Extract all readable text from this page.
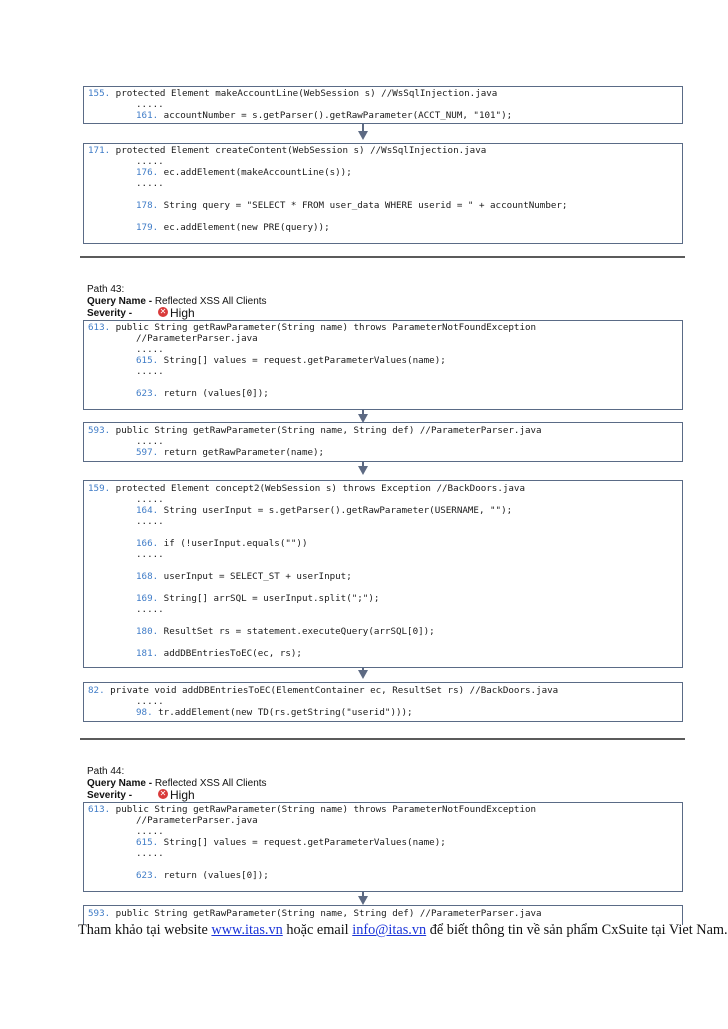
155. protected Element makeAccountLine(WebSession s) //WsSqlInjection.java
.....
161. accountNumber = s.getParser().getRawParameter(ACCT_NUM, "101");
171. protected Element createContent(WebSession s) //WsSqlInjection.java
.....
176. ec.addElement(makeAccountLine(s));
.....
178. String query = "SELECT * FROM user_data WHERE userid = " + accountNumber;
179. ec.addElement(new PRE(query));
Path 43:
Query Name - Reflected XSS All Clients
Severity -	✕ High
613. public String getRawParameter(String name) throws ParameterNotFoundException
//ParameterParser.java
.....
615. String[] values = request.getParameterValues(name);
.....
623. return (values[0]);
593. public String getRawParameter(String name, String def) //ParameterParser.java
.....
597. return getRawParameter(name);
159. protected Element concept2(WebSession s) throws Exception //BackDoors.java
.....
164. String userInput = s.getParser().getRawParameter(USERNAME, "");
.....
166. if (!userInput.equals(""))
.....
168. userInput = SELECT_ST + userInput;
169. String[] arrSQL = userInput.split(";");
.....
180. ResultSet rs = statement.executeQuery(arrSQL[0]);
181. addDBEntriesToEC(ec, rs);
82. private void addDBEntriesToEC(ElementContainer ec, ResultSet rs) //BackDoors.java
.....
98. tr.addElement(new TD(rs.getString("userid")));
Path 44:
Query Name - Reflected XSS All Clients
Severity -	✕ High
613. public String getRawParameter(String name) throws ParameterNotFoundException
//ParameterParser.java
.....
615. String[] values = request.getParameterValues(name);
.....
623. return (values[0]);
593. public String getRawParameter(String name, String def) //ParameterParser.java
Tham khảo tại website www.itas.vn hoặc email info@itas.vn để biết thông tin về sản phẩm CxSuite tại Viet Nam.
